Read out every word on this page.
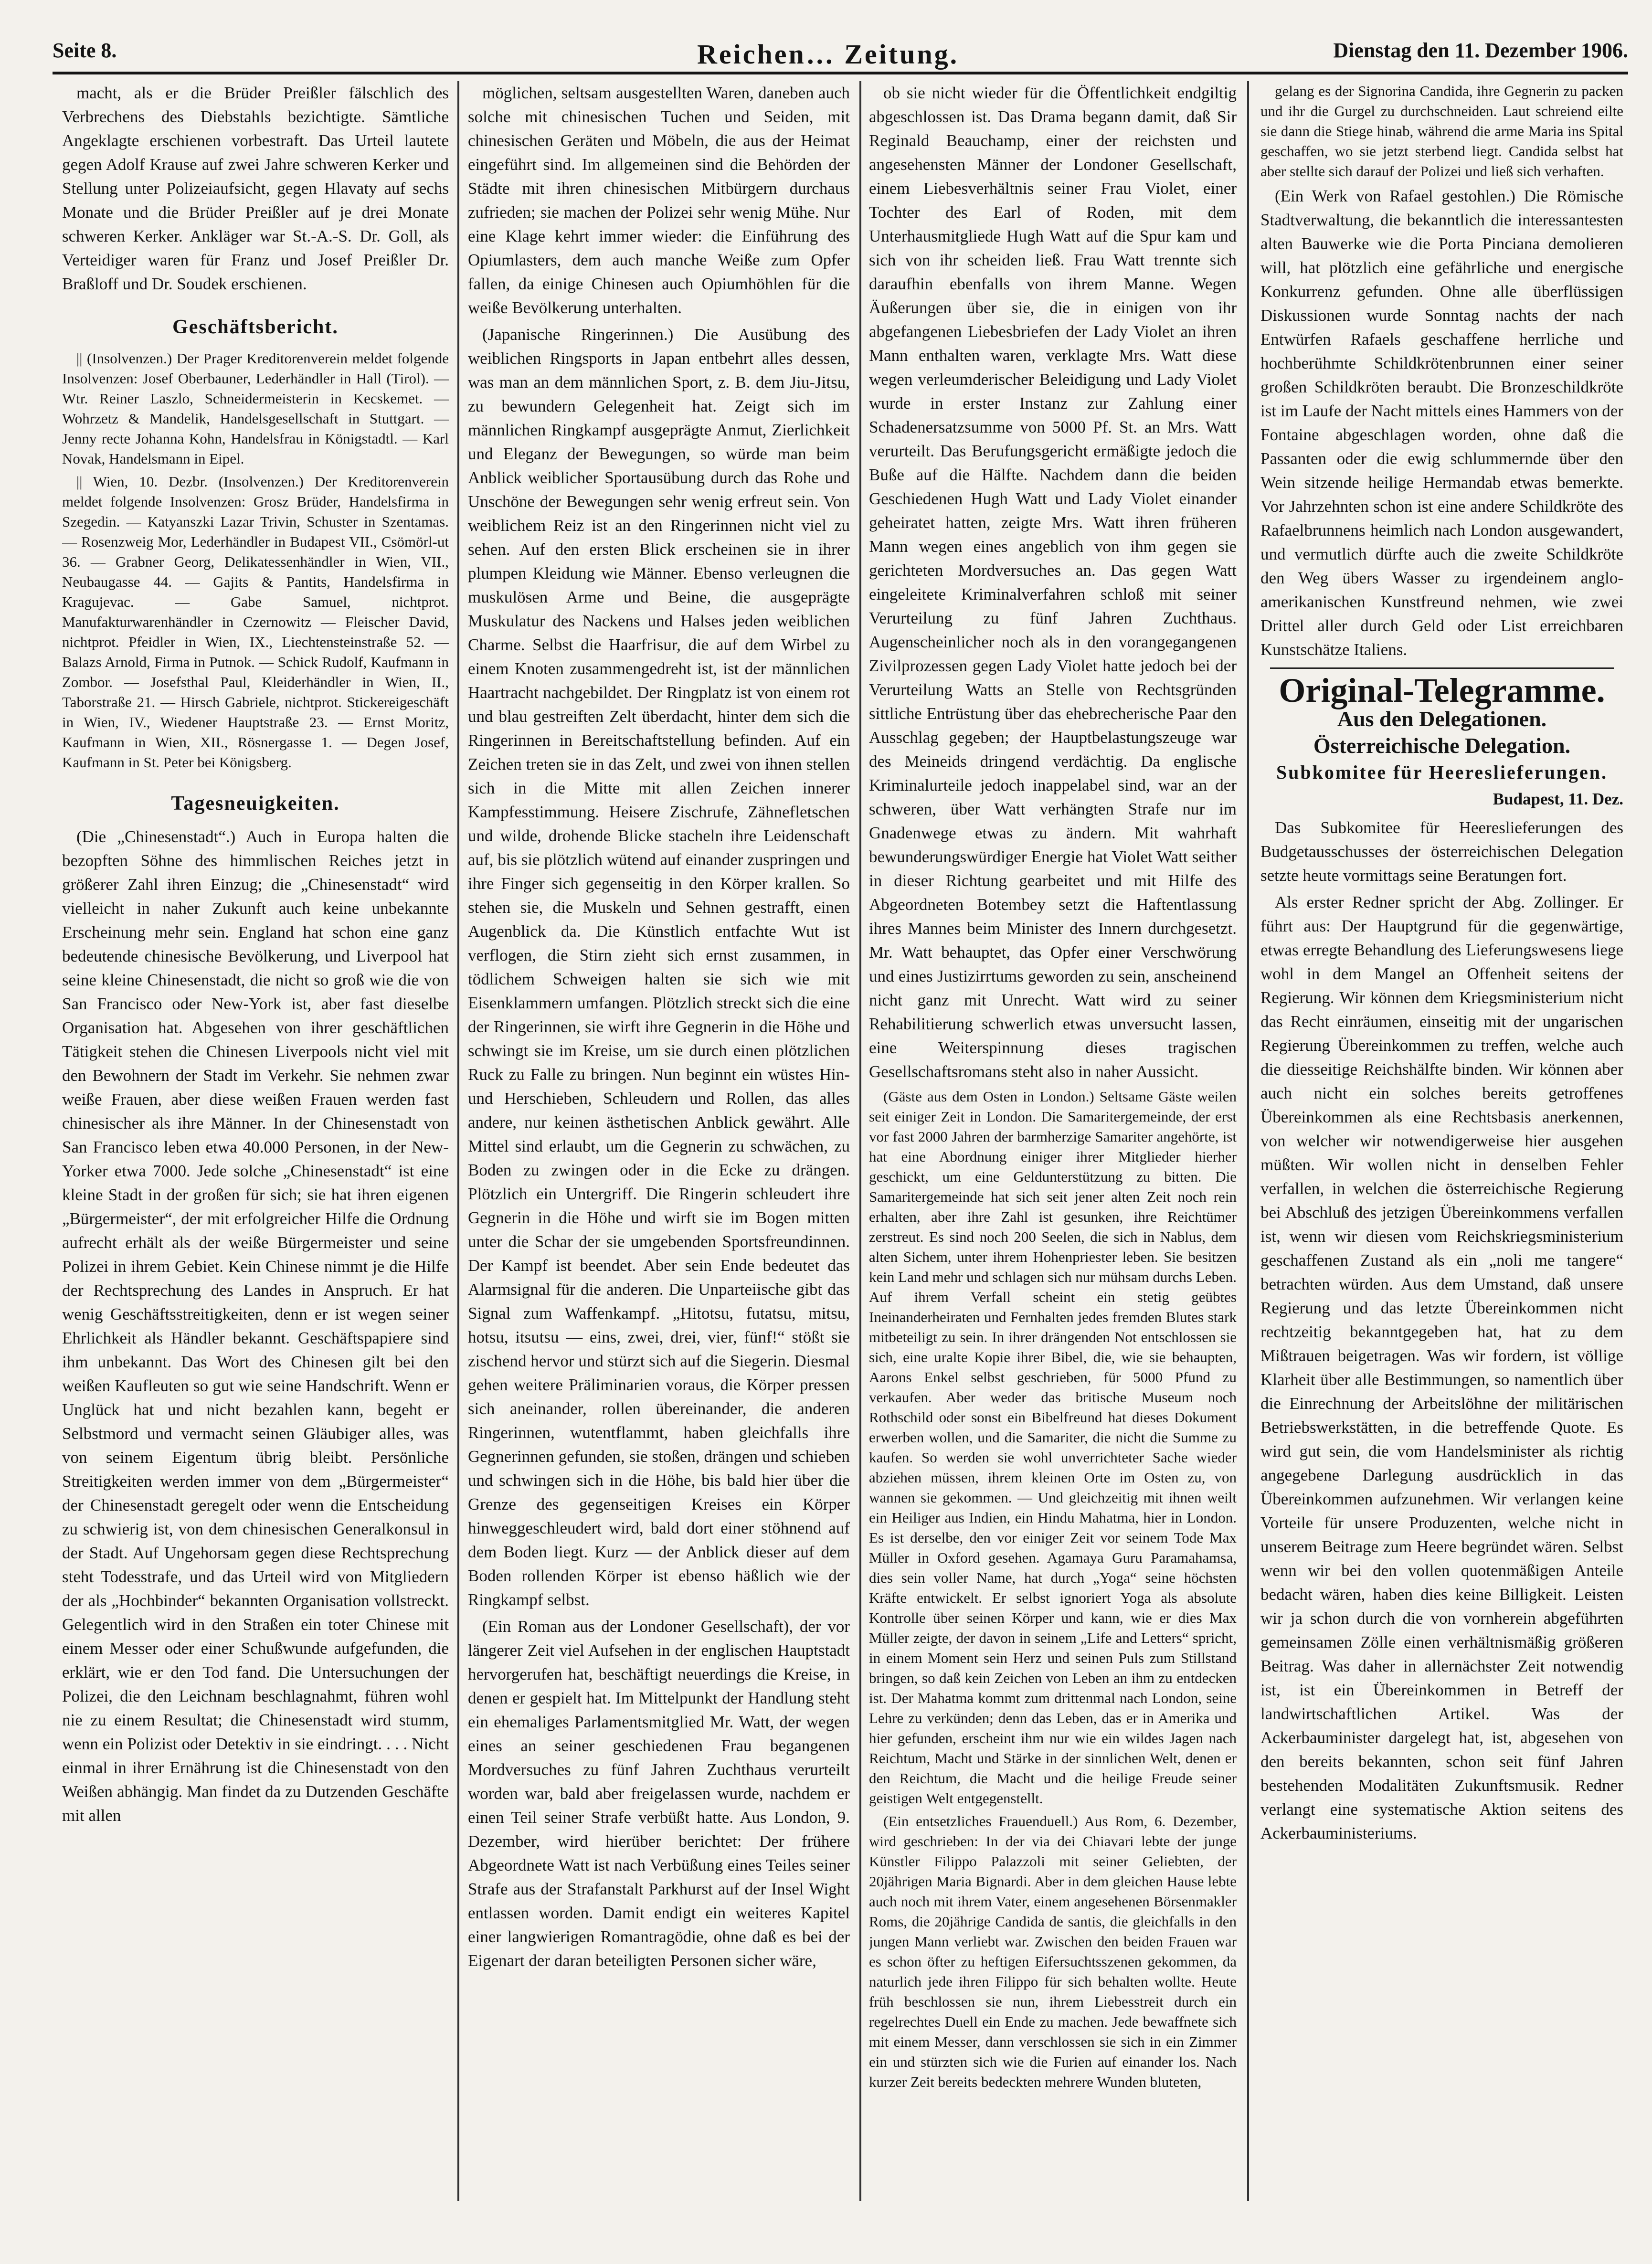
Seite 8.	Reichen… Zeitung.	Dienstag den 11. Dezember 1906.

macht, als er die Brüder Preißler fälschlich des Verbrechens des Diebstahls bezichtigte. Sämtliche Angeklagte erschienen vorbestraft. Das Urteil lautete gegen Adolf Krause auf zwei Jahre schweren Kerker und Stellung unter Polizeiaufsicht, gegen Hlavaty auf sechs Monate und die Brüder Preißler auf je drei Monate schweren Kerker. Ankläger war St.-A.-S. Dr. Goll, als Verteidiger waren für Franz und Josef Preißler Dr. Braßloff und Dr. Soudek erschienen.

Geschäftsbericht.

|| (Insolvenzen.) Der Prager Kreditorenverein meldet folgende Insolvenzen: Josef Oberbauner, Lederhändler in Hall (Tirol). — Wtr. Reiner Laszlo, Schneidermeisterin in Kecskemet. — Wohrzetz & Mandelik, Handelsgesellschaft in Stuttgart. — Jenny recte Johanna Kohn, Handelsfrau in Königstadtl. — Karl Novak, Handelsmann in Eipel.

|| Wien, 10. Dezbr. (Insolvenzen.) Der Kreditorenverein meldet folgende Insolvenzen: Grosz Brüder, Handelsfirma in Szegedin. — Katyanszki Lazar Trivin, Schuster in Szentamas. — Rosenzweig Mor, Lederhändler in Budapest VII., Csömörl-ut 36. — Grabner Georg, Delikatessenhändler in Wien, VII., Neubaugasse 44. — Gajits & Pantits, Handelsfirma in Kragujevac. — Gabe Samuel, nichtprot. Manufakturwarenhändler in Czernowitz — Fleischer David, nichtprot. Pfeidler in Wien, IX., Liechtensteinstraße 52. — Balazs Arnold, Firma in Putnok. — Schick Rudolf, Kaufmann in Zombor. — Josefsthal Paul, Kleiderhändler in Wien, II., Taborstraße 21. — Hirsch Gabriele, nichtprot. Stickereigeschäft in Wien, IV., Wiedener Hauptstraße 23. — Ernst Moritz, Kaufmann in Wien, XII., Rösnergasse 1. — Degen Josef, Kaufmann in St. Peter bei Königsberg.

Tagesneuigkeiten.

(Die „Chinesenstadt“.) Auch in Europa halten die bezopften Söhne des himmlischen Reiches jetzt in größerer Zahl ihren Einzug; die „Chinesenstadt“ wird vielleicht in naher Zukunft auch keine unbekannte Erscheinung mehr sein. England hat schon eine ganz bedeutende chinesische Bevölkerung, und Liverpool hat seine kleine Chinesenstadt, die nicht so groß wie die von San Francisco oder New-York ist, aber fast dieselbe Organisation hat. Abgesehen von ihrer geschäftlichen Tätigkeit stehen die Chinesen Liverpools nicht viel mit den Bewohnern der Stadt im Verkehr. Sie nehmen zwar weiße Frauen, aber diese weißen Frauen werden fast chinesischer als ihre Männer. In der Chinesenstadt von San Francisco leben etwa 40.000 Personen, in der New-Yorker etwa 7000. Jede solche „Chinesenstadt“ ist eine kleine Stadt in der großen für sich; sie hat ihren eigenen „Bürgermeister“, der mit erfolgreicher Hilfe die Ordnung aufrecht erhält als der weiße Bürgermeister und seine Polizei in ihrem Gebiet. Kein Chinese nimmt je die Hilfe der Rechtsprechung des Landes in Anspruch. Er hat wenig Geschäftsstreitigkeiten, denn er ist wegen seiner Ehrlichkeit als Händler bekannt. Geschäftspapiere sind ihm unbekannt. Das Wort des Chinesen gilt bei den weißen Kaufleuten so gut wie seine Handschrift. Wenn er Unglück hat und nicht bezahlen kann, begeht er Selbstmord und vermacht seinen Gläubiger alles, was von seinem Eigentum übrig bleibt. Persönliche Streitigkeiten werden immer von dem „Bürgermeister“ der Chinesenstadt geregelt oder wenn die Entscheidung zu schwierig ist, von dem chinesischen Generalkonsul in der Stadt. Auf Ungehorsam gegen diese Rechtsprechung steht Todesstrafe, und das Urteil wird von Mitgliedern der als „Hochbinder“ bekannten Organisation vollstreckt. Gelegentlich wird in den Straßen ein toter Chinese mit einem Messer oder einer Schußwunde aufgefunden, die erklärt, wie er den Tod fand. Die Untersuchungen der Polizei, die den Leichnam beschlagnahmt, führen wohl nie zu einem Resultat; die Chinesenstadt wird stumm, wenn ein Polizist oder Detektiv in sie eindringt. . . . Nicht einmal in ihrer Ernährung ist die Chinesenstadt von den Weißen abhängig. Man findet da zu Dutzenden Geschäfte mit allen

möglichen, seltsam ausgestellten Waren, daneben auch solche mit chinesischen Tuchen und Seiden, mit chinesischen Geräten und Möbeln, die aus der Heimat eingeführt sind. Im allgemeinen sind die Behörden der Städte mit ihren chinesischen Mitbürgern durchaus zufrieden; sie machen der Polizei sehr wenig Mühe. Nur eine Klage kehrt immer wieder: die Einführung des Opiumlasters, dem auch manche Weiße zum Opfer fallen, da einige Chinesen auch Opiumhöhlen für die weiße Bevölkerung unterhalten.

(Japanische Ringerinnen.) Die Ausübung des weiblichen Ringsports in Japan entbehrt alles dessen, was man an dem männlichen Sport, z. B. dem Jiu-Jitsu, zu bewundern Gelegenheit hat. Zeigt sich im männlichen Ringkampf ausgeprägte Anmut, Zierlichkeit und Eleganz der Bewegungen, so würde man beim Anblick weiblicher Sportausübung durch das Rohe und Unschöne der Bewegungen sehr wenig erfreut sein. Von weiblichem Reiz ist an den Ringerinnen nicht viel zu sehen. Auf den ersten Blick erscheinen sie in ihrer plumpen Kleidung wie Männer. Ebenso verleugnen die muskulösen Arme und Beine, die ausgeprägte Muskulatur des Nackens und Halses jeden weiblichen Charme. Selbst die Haarfrisur, die auf dem Wirbel zu einem Knoten zusammengedreht ist, ist der männlichen Haartracht nachgebildet. Der Ringplatz ist von einem rot und blau gestreiften Zelt überdacht, hinter dem sich die Ringerinnen in Bereitschaftstellung befinden. Auf ein Zeichen treten sie in das Zelt, und zwei von ihnen stellen sich in die Mitte mit allen Zeichen innerer Kampfesstimmung. Heisere Zischrufe, Zähnefletschen und wilde, drohende Blicke stacheln ihre Leidenschaft auf, bis sie plötzlich wütend auf einander zuspringen und ihre Finger sich gegenseitig in den Körper krallen. So stehen sie, die Muskeln und Sehnen gestrafft, einen Augenblick da. Die Künstlich entfachte Wut ist verflogen, die Stirn zieht sich ernst zusammen, in tödlichem Schweigen halten sie sich wie mit Eisenklammern umfangen. Plötzlich streckt sich die eine der Ringerinnen, sie wirft ihre Gegnerin in die Höhe und schwingt sie im Kreise, um sie durch einen plötzlichen Ruck zu Falle zu bringen. Nun beginnt ein wüstes Hin- und Herschieben, Schleudern und Rollen, das alles andere, nur keinen ästhetischen Anblick gewährt. Alle Mittel sind erlaubt, um die Gegnerin zu schwächen, zu Boden zu zwingen oder in die Ecke zu drängen. Plötzlich ein Untergriff. Die Ringerin schleudert ihre Gegnerin in die Höhe und wirft sie im Bogen mitten unter die Schar der sie umgebenden Sportsfreundinnen. Der Kampf ist beendet. Aber sein Ende bedeutet das Alarmsignal für die anderen. Die Unparteiische gibt das Signal zum Waffenkampf. „Hitotsu, futatsu, mitsu, hotsu, itsutsu — eins, zwei, drei, vier, fünf!“ stößt sie zischend hervor und stürzt sich auf die Siegerin. Diesmal gehen weitere Präliminarien voraus, die Körper pressen sich aneinander, rollen übereinander, die anderen Ringerinnen, wutentflammt, haben gleichfalls ihre Gegnerinnen gefunden, sie stoßen, drängen und schieben und schwingen sich in die Höhe, bis bald hier über die Grenze des gegenseitigen Kreises ein Körper hinweggeschleudert wird, bald dort einer stöhnend auf dem Boden liegt. Kurz — der Anblick dieser auf dem Boden rollenden Körper ist ebenso häßlich wie der Ringkampf selbst.

(Ein Roman aus der Londoner Gesellschaft), der vor längerer Zeit viel Aufsehen in der englischen Hauptstadt hervorgerufen hat, beschäftigt neuerdings die Kreise, in denen er gespielt hat. Im Mittelpunkt der Handlung steht ein ehemaliges Parlamentsmitglied Mr. Watt, der wegen eines an seiner geschiedenen Frau begangenen Mordversuches zu fünf Jahren Zuchthaus verurteilt worden war, bald aber freigelassen wurde, nachdem er einen Teil seiner Strafe verbüßt hatte. Aus London, 9. Dezember, wird hierüber berichtet: Der frühere Abgeordnete Watt ist nach Verbüßung eines Teiles seiner Strafe aus der Strafanstalt Parkhurst auf der Insel Wight entlassen worden. Damit endigt ein weiteres Kapitel einer langwierigen Romantragödie, ohne daß es bei der Eigenart der daran beteiligten Personen sicher wäre,

ob sie nicht wieder für die Öffentlichkeit endgiltig abgeschlossen ist. Das Drama begann damit, daß Sir Reginald Beauchamp, einer der reichsten und angesehensten Männer der Londoner Gesellschaft, einem Liebesverhältnis seiner Frau Violet, einer Tochter des Earl of Roden, mit dem Unterhausmitgliede Hugh Watt auf die Spur kam und sich von ihr scheiden ließ. Frau Watt trennte sich daraufhin ebenfalls von ihrem Manne. Wegen Äußerungen über sie, die in einigen von ihr abgefangenen Liebesbriefen der Lady Violet an ihren Mann enthalten waren, verklagte Mrs. Watt diese wegen verleumderischer Beleidigung und Lady Violet wurde in erster Instanz zur Zahlung einer Schadenersatzsumme von 5000 Pf. St. an Mrs. Watt verurteilt. Das Berufungsgericht ermäßigte jedoch die Buße auf die Hälfte. Nachdem dann die beiden Geschiedenen Hugh Watt und Lady Violet einander geheiratet hatten, zeigte Mrs. Watt ihren früheren Mann wegen eines angeblich von ihm gegen sie gerichteten Mordversuches an. Das gegen Watt eingeleitete Kriminalverfahren schloß mit seiner Verurteilung zu fünf Jahren Zuchthaus. Augenscheinlicher noch als in den vorangegangenen Zivilprozessen gegen Lady Violet hatte jedoch bei der Verurteilung Watts an Stelle von Rechtsgründen sittliche Entrüstung über das ehebrecherische Paar den Ausschlag gegeben; der Hauptbelastungszeuge war des Meineids dringend verdächtig. Da englische Kriminalurteile jedoch inappelabel sind, war an der schweren, über Watt verhängten Strafe nur im Gnadenwege etwas zu ändern. Mit wahrhaft bewunderungswürdiger Energie hat Violet Watt seither in dieser Richtung gearbeitet und mit Hilfe des Abgeordneten Botembey setzt die Haftentlassung ihres Mannes beim Minister des Innern durchgesetzt. Mr. Watt behauptet, das Opfer einer Verschwörung und eines Justizirrtums geworden zu sein, anscheinend nicht ganz mit Unrecht. Watt wird zu seiner Rehabilitierung schwerlich etwas unversucht lassen, eine Weiterspinnung dieses tragischen Gesellschaftsromans steht also in naher Aussicht.

(Gäste aus dem Osten in London.) Seltsame Gäste weilen seit einiger Zeit in London. Die Samaritergemeinde, der erst vor fast 2000 Jahren der barmherzige Samariter angehörte, ist hat eine Abordnung einiger ihrer Mitglieder hierher geschickt, um eine Geldunterstützung zu bitten. Die Samaritergemeinde hat sich seit jener alten Zeit noch rein erhalten, aber ihre Zahl ist gesunken, ihre Reichtümer zerstreut. Es sind noch 200 Seelen, die sich in Nablus, dem alten Sichem, unter ihrem Hohenpriester leben. Sie besitzen kein Land mehr und schlagen sich nur mühsam durchs Leben. Auf ihrem Verfall scheint ein stetig geübtes Ineinanderheiraten und Fernhalten jedes fremden Blutes stark mitbeteiligt zu sein. In ihrer drängenden Not entschlossen sie sich, eine uralte Kopie ihrer Bibel, die, wie sie behaupten, Aarons Enkel selbst geschrieben, für 5000 Pfund zu verkaufen. Aber weder das britische Museum noch Rothschild oder sonst ein Bibelfreund hat dieses Dokument erwerben wollen, und die Samariter, die nicht die Summe zu kaufen. So werden sie wohl unverrichteter Sache wieder abziehen müssen, ihrem kleinen Orte im Osten zu, von wannen sie gekommen. — Und gleichzeitig mit ihnen weilt ein Heiliger aus Indien, ein Hindu Mahatma, hier in London. Es ist derselbe, den vor einiger Zeit vor seinem Tode Max Müller in Oxford gesehen. Agamaya Guru Paramahamsa, dies sein voller Name, hat durch „Yoga“ seine höchsten Kräfte entwickelt. Er selbst ignoriert Yoga als absolute Kontrolle über seinen Körper und kann, wie er dies Max Müller zeigte, der davon in seinem „Life and Letters“ spricht, in einem Moment sein Herz und seinen Puls zum Stillstand bringen, so daß kein Zeichen von Leben an ihm zu entdecken ist. Der Mahatma kommt zum drittenmal nach London, seine Lehre zu verkünden; denn das Leben, das er in Amerika und hier gefunden, erscheint ihm nur wie ein wildes Jagen nach Reichtum, Macht und Stärke in der sinnlichen Welt, denen er den Reichtum, die Macht und die heilige Freude seiner geistigen Welt entgegenstellt.

(Ein entsetzliches Frauenduell.) Aus Rom, 6. Dezember, wird geschrieben: In der via dei Chiavari lebte der junge Künstler Filippo Palazzoli mit seiner Geliebten, der 20jährigen Maria Bignardi. Aber in dem gleichen Hause lebte auch noch mit ihrem Vater, einem angesehenen Börsenmakler Roms, die 20jährige Candida de santis, die gleichfalls in den jungen Mann verliebt war. Zwischen den beiden Frauen war es schon öfter zu heftigen Eifersuchtsszenen gekommen, da naturlich jede ihren Filippo für sich behalten wollte. Heute früh beschlossen sie nun, ihrem Liebesstreit durch ein regelrechtes Duell ein Ende zu machen. Jede bewaffnete sich mit einem Messer, dann verschlossen sie sich in ein Zimmer ein und stürzten sich wie die Furien auf einander los. Nach kurzer Zeit bereits bedeckten mehrere Wunden bluteten,

gelang es der Signorina Candida, ihre Gegnerin zu packen und ihr die Gurgel zu durchschneiden. Laut schreiend eilte sie dann die Stiege hinab, während die arme Maria ins Spital geschaffen, wo sie jetzt sterbend liegt. Candida selbst hat aber stellte sich darauf der Polizei und ließ sich verhaften.

(Ein Werk von Rafael gestohlen.) Die Römische Stadtverwaltung, die bekanntlich die interessantesten alten Bauwerke wie die Porta Pinciana demolieren will, hat plötzlich eine gefährliche und energische Konkurrenz gefunden. Ohne alle überflüssigen Diskussionen wurde Sonntag nachts der nach Entwürfen Rafaels geschaffene herrliche und hochberühmte Schildkrötenbrunnen einer seiner großen Schildkröten beraubt. Die Bronzeschildkröte ist im Laufe der Nacht mittels eines Hammers von der Fontaine abgeschlagen worden, ohne daß die Passanten oder die ewig schlummernde über den Wein sitzende heilige Hermandab etwas bemerkte. Vor Jahrzehnten schon ist eine andere Schildkröte des Rafaelbrunnens heimlich nach London ausgewandert, und vermutlich dürfte auch die zweite Schildkröte den Weg übers Wasser zu irgendeinem anglo-amerikanischen Kunstfreund nehmen, wie zwei Drittel aller durch Geld oder List erreichbaren Kunstschätze Italiens.

Original-Telegramme.
Aus den Delegationen.
Österreichische Delegation.
Subkomitee für Heereslieferungen.
Budapest, 11. Dez.

Das Subkomitee für Heereslieferungen des Budgetausschusses der österreichischen Delegation setzte heute vormittags seine Beratungen fort.

Als erster Redner spricht der Abg. Zollinger. Er führt aus: Der Hauptgrund für die gegenwärtige, etwas erregte Behandlung des Lieferungswesens liege wohl in dem Mangel an Offenheit seitens der Regierung. Wir können dem Kriegsministerium nicht das Recht einräumen, einseitig mit der ungarischen Regierung Übereinkommen zu treffen, welche auch die diesseitige Reichshälfte binden. Wir können aber auch nicht ein solches bereits getroffenes Übereinkommen als eine Rechtsbasis anerkennen, von welcher wir notwendigerweise hier ausgehen müßten. Wir wollen nicht in denselben Fehler verfallen, in welchen die österreichische Regierung bei Abschluß des jetzigen Übereinkommens verfallen ist, wenn wir diesen vom Reichskriegsministerium geschaffenen Zustand als ein „noli me tangere“ betrachten würden. Aus dem Umstand, daß unsere Regierung und das letzte Übereinkommen nicht rechtzeitig bekanntgegeben hat, hat zu dem Mißtrauen beigetragen. Was wir fordern, ist völlige Klarheit über alle Bestimmungen, so namentlich über die Einrechnung der Arbeitslöhne der militärischen Betriebswerkstätten, in die betreffende Quote. Es wird gut sein, die vom Handelsminister als richtig angegebene Darlegung ausdrücklich in das Übereinkommen aufzunehmen. Wir verlangen keine Vorteile für unsere Produzenten, welche nicht in unserem Beitrage zum Heere begründet wären. Selbst wenn wir bei den vollen quotenmäßigen Anteile bedacht wären, haben dies keine Billigkeit. Leisten wir ja schon durch die von vornherein abgeführten gemeinsamen Zölle einen verhältnismäßig größeren Beitrag. Was daher in allernächster Zeit notwendig ist, ist ein Übereinkommen in Betreff der landwirtschaftlichen Artikel. Was der Ackerbauminister dargelegt hat, ist, abgesehen von den bereits bekannten, schon seit fünf Jahren bestehenden Modalitäten Zukunftsmusik. Redner verlangt eine systematische Aktion seitens des Ackerbauministeriums.
